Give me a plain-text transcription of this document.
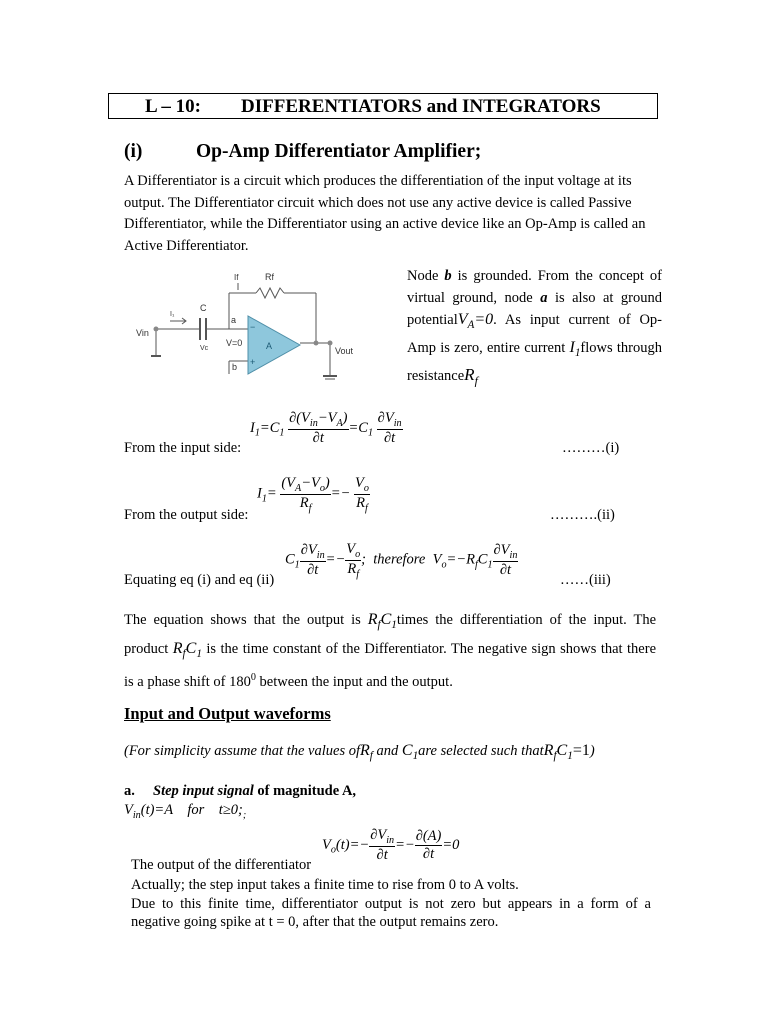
L – 10: DIFFERENTIATORS and INTEGRATORS
(i)	Op-Amp Differentiator Amplifier;
A Differentiator is a circuit which produces the differentiation of the input voltage at its output. The Differentiator circuit which does not use any active device is called Passive Differentiator, while the Differentiator using an active device like an Op-Amp is called an Active Differentiator.
Vin
I₁
C
Vc
a
V=0
b
If	Rf
A
−
+
Vout
Node b is grounded. From the concept of virtual ground, node a is also at ground potentialV$_A$=0. As input current of Op-Amp is zero, entire current $I_1flows$ through resistanceR$_f$
From the input side:
$I_1=C_1 \frac{\partial(V_{in}-V_A)}{\partial t} =C_1 \frac{\partial V_{in}}{\partial t}$
………(i)
From the output side:
$I_1= \frac{(V_A-V_o)}{R_f} =- \frac{V_o}{R_f}$
……….(ii)
Equating eq (i) and eq (ii)
$C_1 \frac{\partial V_{in}}{\partial t} =- \frac{V_o}{R_f}$ ;  therefore  $V_o=-R_fC_1 \frac{\partial V_{in}}{\partial t}$
……(iii)
The equation shows that the output is $R_fC_1times$ the differentiation of the input. The product $R_fC_1$ is the time constant of the Differentiator. The negative sign shows that there is a phase shift of $180^0$ between the input and the output.
Input and Output waveforms
(For simplicity assume that the values ofR$_f$ and $C_1are$ selected such $thatR_fC_1=1$)
a. Step input signal of magnitude A,
$V_{in}(t)=A$    for    $t\ge 0;_;$
The output of the differentiator
$V_o(t)=- \frac{\partial V_{in}}{\partial t} =- \frac{\partial(A)}{\partial t} =0$
Actually; the step input takes a finite time to rise from 0 to A volts.
Due to this finite time, differentiator output is not zero but appears in a form of a negative going spike at t = 0, after that the output remains zero.
